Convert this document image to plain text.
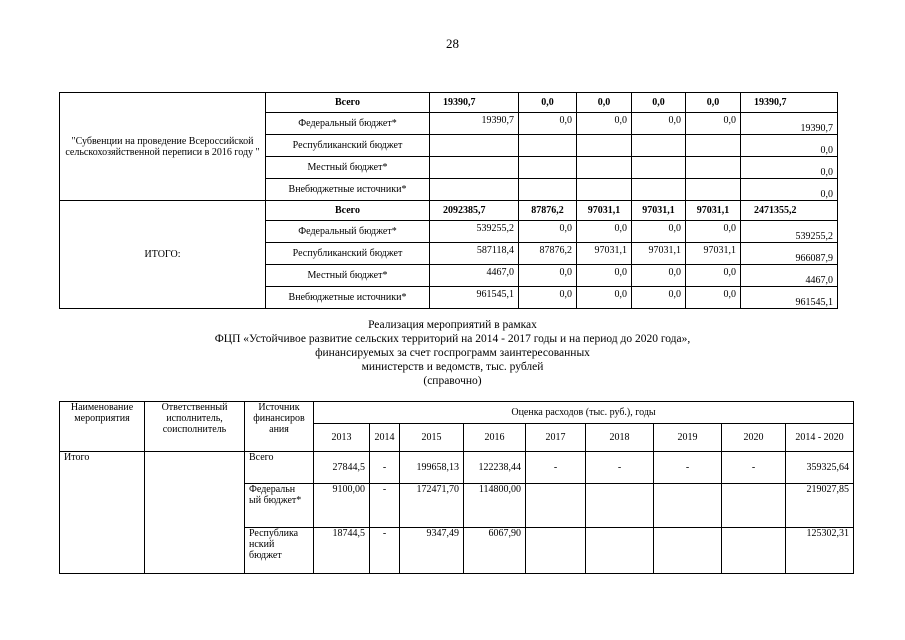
28
"Субвенции на проведение Всероссийской сельскохозяйственной переписи в 2016 году "	Всего	19390,7	0,0	0,0	0,0	0,0	19390,7
	Федеральный бюджет*	19390,7	0,0	0,0	0,0	0,0	19390,7
	Республиканский бюджет						0,0
	Местный бюджет*						0,0
	Внебюджетные источники*						0,0
ИТОГО:	Всего	2092385,7	87876,2	97031,1	97031,1	97031,1	2471355,2
	Федеральный бюджет*	539255,2	0,0	0,0	0,0	0,0	539255,2
	Республиканский бюджет	587118,4	87876,2	97031,1	97031,1	97031,1	966087,9
	Местный бюджет*	4467,0	0,0	0,0	0,0	0,0	4467,0
	Внебюджетные источники*	961545,1	0,0	0,0	0,0	0,0	961545,1
Реализация мероприятий в рамках
ФЦП «Устойчивое развитие сельских территорий на 2014 - 2017 годы и на период до 2020 года»,
финансируемых за счет госпрограмм заинтересованных
министерств и ведомств, тыс. рублей
(справочно)
Наименование мероприятия	Ответственный исполнитель, соисполнитель	Источник финансиров ания	Оценка расходов (тыс. руб.), годы								
			2013	2014	2015	2016	2017	2018	2019	2020	2014 - 2020
Итого		Всего	27844,5	-	199658,13	122238,44	-	-	-	-	359325,64
		Федеральн ый бюджет*	9100,00	-	172471,70	114800,00					219027,85
		Республика нский бюджет	18744,5	-	9347,49	6067,90					125302,31
